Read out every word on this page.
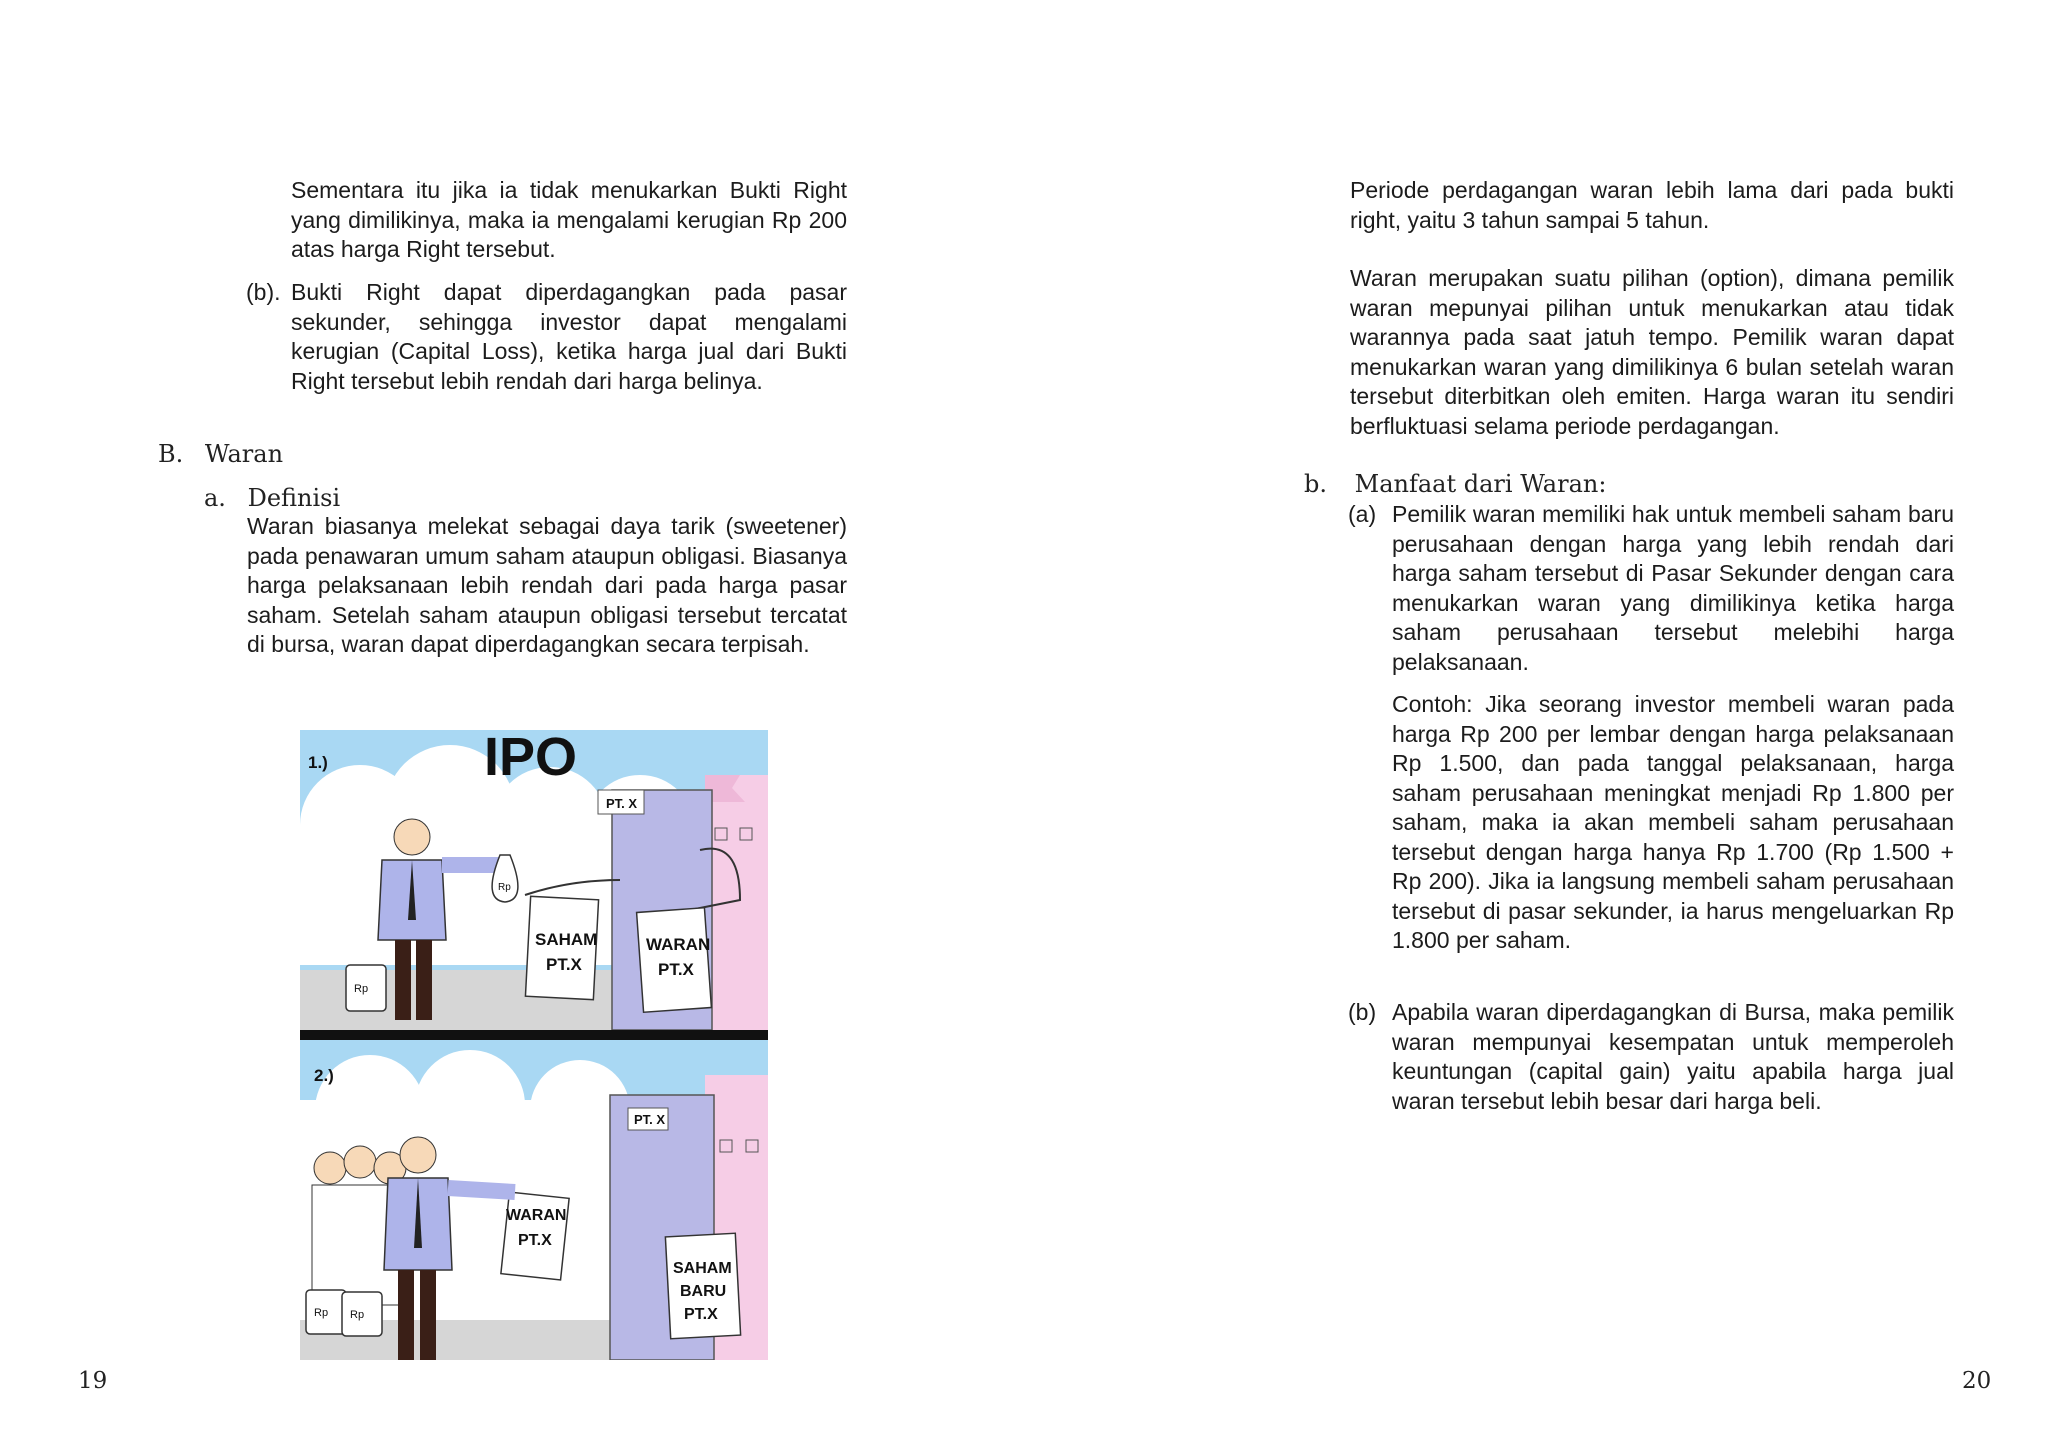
Sementara itu jika ia tidak menukarkan Bukti Right yang dimilikinya, maka ia mengalami kerugian Rp 200 atas harga Right tersebut.
(b). Bukti Right dapat diperdagangkan pada pasar sekunder, sehingga investor dapat mengalami kerugian (Capital Loss), ketika harga jual dari Bukti Right tersebut lebih rendah dari harga belinya.
B. Waran
a. Definisi
Waran biasanya melekat sebagai daya tarik (sweetener) pada penawaran umum saham ataupun obligasi. Biasanya harga pelaksanaan lebih rendah dari pada harga pasar saham. Setelah saham ataupun obligasi tersebut tercatat di bursa, waran dapat diperdagangkan secara terpisah.
1.)	IPO
PT. X
SAHAM
PT.X
WARAN
PT.X
Rp
Rp
2.)
PT. X
WARAN
PT.X
SAHAM
BARU
PT.X
Rp Rp
19
Periode perdagangan waran lebih lama dari pada bukti right, yaitu 3 tahun sampai 5 tahun.
Waran merupakan suatu pilihan (option), dimana pemilik waran mepunyai pilihan untuk menukarkan atau tidak warannya pada saat jatuh tempo. Pemilik waran dapat menukarkan waran yang dimilikinya 6 bulan setelah waran tersebut diterbitkan oleh emiten. Harga waran itu sendiri berfluktuasi selama periode perdagangan.
b. Manfaat dari Waran:
(a) Pemilik waran memiliki hak untuk membeli saham baru perusahaan dengan harga yang lebih rendah dari harga saham tersebut di Pasar Sekunder dengan cara menukarkan waran yang dimilikinya ketika harga saham perusahaan tersebut melebihi harga pelaksanaan.
Contoh: Jika seorang investor membeli waran pada harga Rp 200 per lembar dengan harga pelaksanaan Rp 1.500, dan pada tanggal pelaksanaan, harga saham perusahaan meningkat menjadi Rp 1.800 per saham, maka ia akan membeli saham perusahaan tersebut dengan harga hanya Rp 1.700 (Rp 1.500 + Rp 200). Jika ia langsung membeli saham perusahaan tersebut di pasar sekunder, ia harus mengeluarkan Rp 1.800 per saham.
(b) Apabila waran diperdagangkan di Bursa, maka pemilik waran mempunyai kesempatan untuk memperoleh keuntungan (capital gain) yaitu apabila harga jual waran tersebut lebih besar dari harga beli.
20
